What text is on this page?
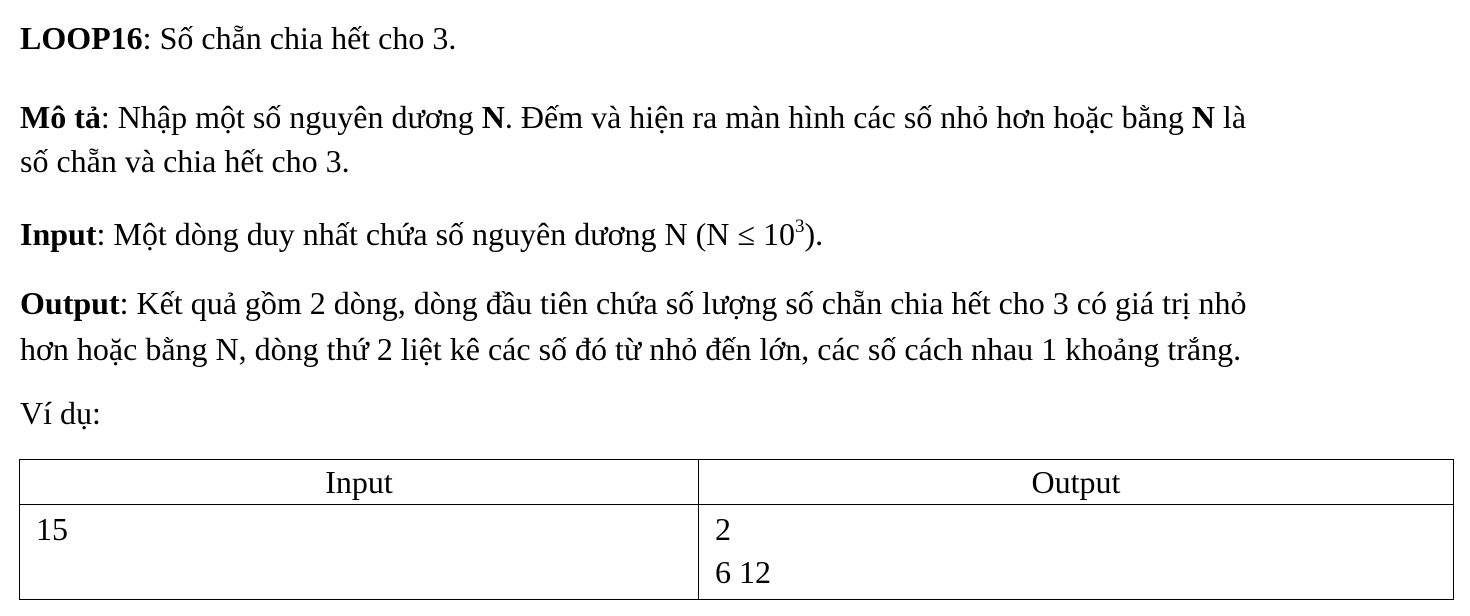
LOOP16: Số chẵn chia hết cho 3.
Mô tả: Nhập một số nguyên dương N. Đếm và hiện ra màn hình các số nhỏ hơn hoặc bằng N là
số chẵn và chia hết cho 3.
Input: Một dòng duy nhất chứa số nguyên dương N $(N \le 10^3)$.
Output: Kết quả gồm 2 dòng, dòng đầu tiên chứa số lượng số chẵn chia hết cho 3 có giá trị nhỏ
hơn hoặc bằng N, dòng thứ 2 liệt kê các số đó từ nhỏ đến lớn, các số cách nhau 1 khoảng trắng.
Ví dụ:
Input	Output

15	2
6 12
